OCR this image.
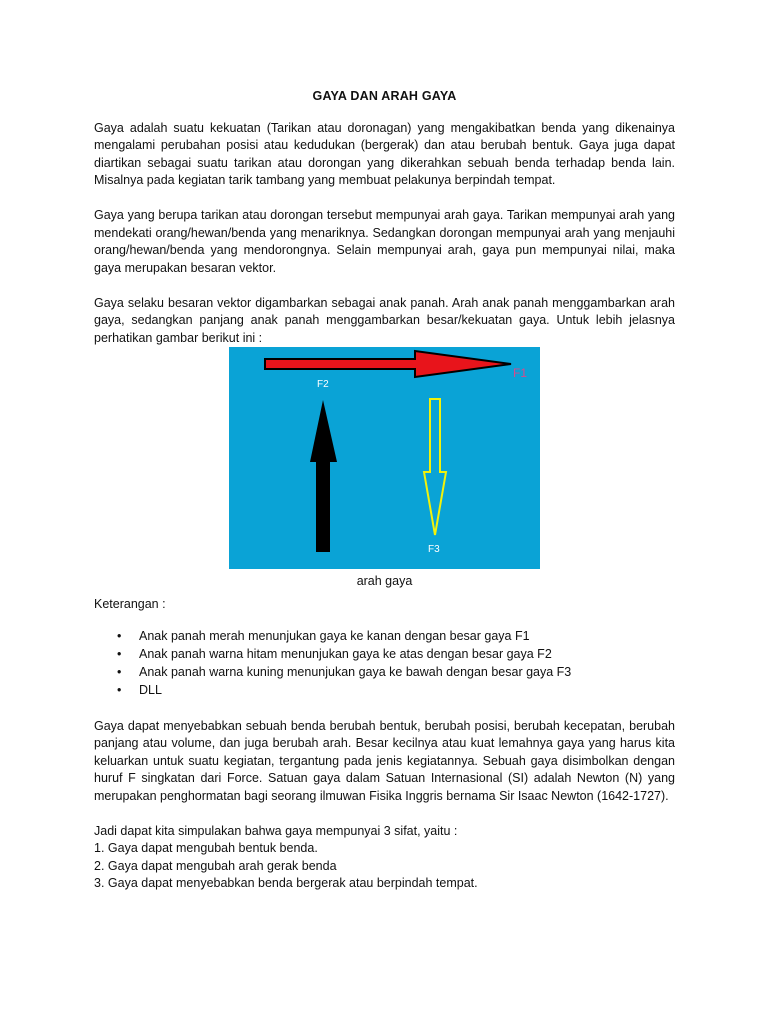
GAYA DAN ARAH GAYA

Gaya adalah suatu kekuatan (Tarikan atau doronagan) yang mengakibatkan benda yang dikenainya mengalami perubahan posisi atau kedudukan (bergerak) dan atau berubah bentuk. Gaya juga dapat diartikan sebagai suatu tarikan atau dorongan yang dikerahkan sebuah benda terhadap benda lain. Misalnya pada kegiatan tarik tambang yang membuat pelakunya berpindah tempat.

Gaya yang berupa tarikan atau dorongan tersebut mempunyai arah gaya. Tarikan mempunyai arah yang mendekati orang/hewan/benda yang menariknya. Sedangkan dorongan mempunyai arah yang menjauhi orang/hewan/benda yang mendorongnya. Selain mempunyai arah, gaya pun mempunyai nilai, maka gaya merupakan besaran vektor.

Gaya selaku besaran vektor digambarkan sebagai anak panah. Arah anak panah menggambarkan arah gaya, sedangkan panjang anak panah menggambarkan besar/kekuatan gaya. Untuk lebih jelasnya perhatikan gambar berikut ini :

F1
F2
F3
arah gaya
Keterangan :
• Anak panah merah menunjukan gaya ke kanan dengan besar gaya F1
• Anak panah warna hitam menunjukan gaya ke atas dengan besar gaya F2
• Anak panah warna kuning menunjukan gaya ke bawah dengan besar gaya F3
• DLL

Gaya dapat menyebabkan sebuah benda berubah bentuk, berubah posisi, berubah kecepatan, berubah panjang atau volume, dan juga berubah arah. Besar kecilnya atau kuat lemahnya gaya yang harus kita keluarkan untuk suatu kegiatan, tergantung pada jenis kegiatannya. Sebuah gaya disimbolkan dengan huruf F singkatan dari Force. Satuan gaya dalam Satuan Internasional (SI) adalah Newton (N) yang merupakan penghormatan bagi seorang ilmuwan Fisika Inggris bernama Sir Isaac Newton (1642-1727).

Jadi dapat kita simpulakan bahwa gaya mempunyai 3 sifat, yaitu :

1. Gaya dapat mengubah bentuk benda.

2. Gaya dapat mengubah arah gerak benda

3. Gaya dapat menyebabkan benda bergerak atau berpindah tempat.
